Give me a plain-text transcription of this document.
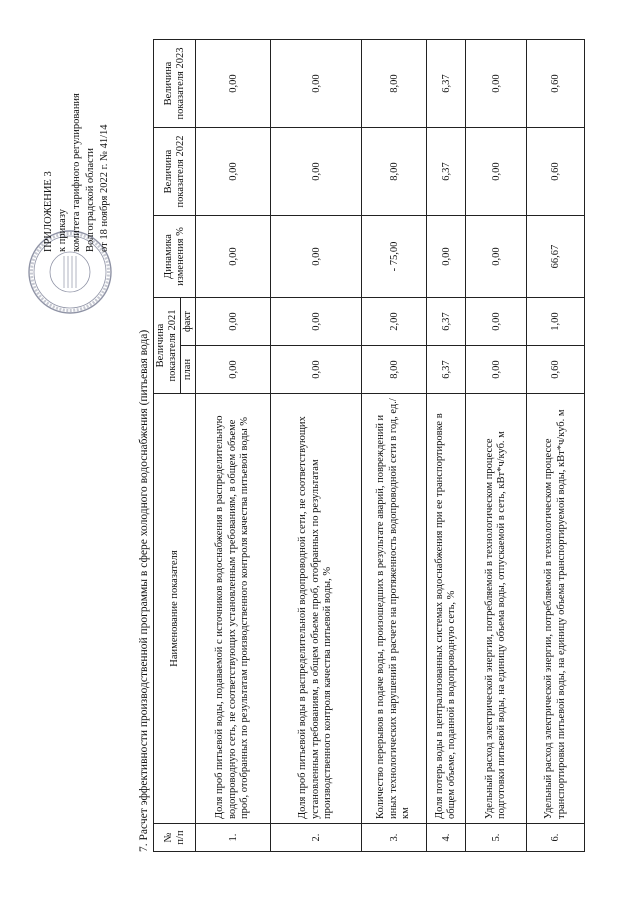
ПРИЛОЖЕНИЕ 3 к приказу комитета тарифного регулирования Волгоградской области от 18 ноября 2022 г. № 41/14
7. Расчет эффективности производственной программы в сфере холодного водоснабжения (питьевая вода) № п/п	Наименование показателя	Величина показателя 2021		Динамика изменения %	Величина показателя 2022	Величина показателя 2023
		план	факт			
1.	Доля проб питьевой воды, подаваемой с источников водоснабжения в распределительную водопроводную сеть, не соответствующих установленным требованиям, в общем объеме проб, отобранных по результатам производственного контроля качества питьевой воды %	0,00	0,00	0,00	0,00	0,00
2.	Доля проб питьевой воды в распределительной водопроводной сети, не соответствующих установленным требованиям, в общем объеме проб, отобранных по результатам производственного контроля качества питьевой воды, %	0,00	0,00	0,00	0,00	0,00
3.	Количество перерывов в подаче воды, произошедших в результате аварий, повреждений и иных технологических нарушений в расчете на протяженность водопроводной сети в год, ед./км	8,00	2,00	- 75,00	8,00	8,00
4.	Доля потерь воды в централизованных системах водоснабжения при ее транспортировке в общем объеме, поданной в водопроводную сеть, %	6,37	6,37	0,00	6,37	6,37
5.	Удельный расход электрической энергии, потребляемой в технологическом процессе подготовки питьевой воды, на единицу объема воды, отпускаемой в сеть, кВт*ч/куб. м	0,00	0,00	0,00	0,00	0,00
6.	Удельный расход электрической энергии, потребляемой в технологическом процессе транспортировки питьевой воды, на единицу объема транспортируемой воды, кВт*ч/куб. м	0,60	1,00	66,67	0,60	0,60
